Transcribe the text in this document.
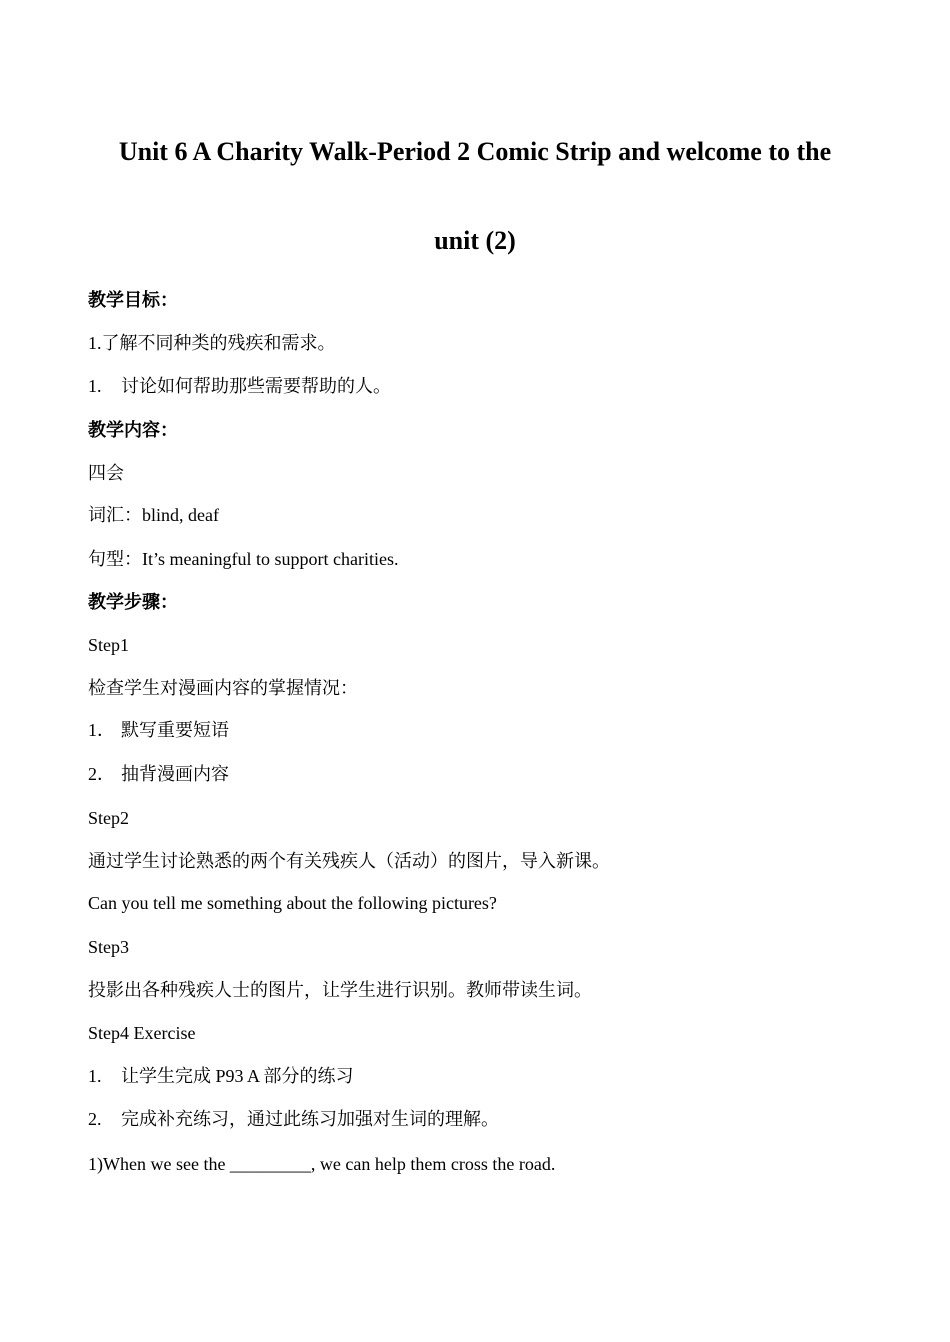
Unit 6 A Charity Walk-Period 2 Comic Strip and welcome to the
unit (2)
教学目标：
1.了解不同种类的残疾和需求。
1. 讨论如何帮助那些需要帮助的人。
教学内容：
四会
词汇：blind, deaf
句型：It’s meaningful to support charities.
教学步骤：
Step1
检查学生对漫画内容的掌握情况：
1． 默写重要短语
2． 抽背漫画内容
Step2
通过学生讨论熟悉的两个有关残疾人（活动）的图片，导入新课。
Can you tell me something about the following pictures?
Step3
投影出各种残疾人士的图片，让学生进行识别。教师带读生词。
Step4 Exercise
1. 让学生完成 P93 A 部分的练习
2. 完成补充练习，通过此练习加强对生词的理解。
1)When we see the _________, we can help them cross the road.
